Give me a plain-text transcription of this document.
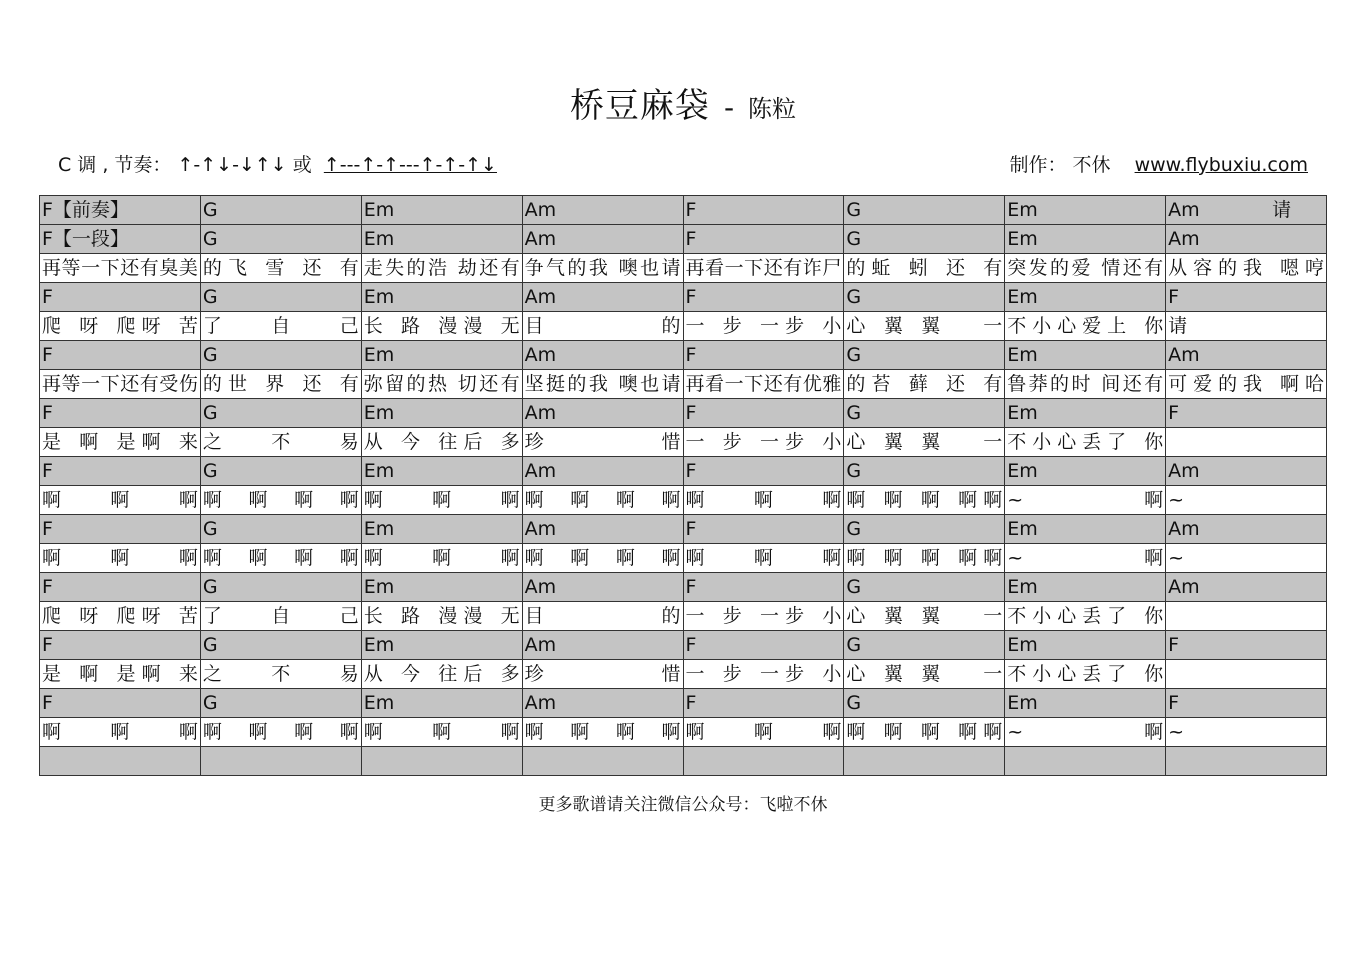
桥豆麻袋 - 陈粒
C 调 , 节奏： ↑-↑↓-↓↑↓ 或 ↑---↑-↑---↑-↑-↑↓	制作： 不休 www.flybuxiu.com
F【前奏】	G	Em	Am	F	G	Em	Am            请
F【一段】	G	Em	Am	F	G	Em	Am
再等一下还有臭美	的飞 雪 还 有	走失的浩 劫还有	争气的我 噢也请	再看一下还有诈尸	的蚯 蚓 还 有	突发的爱 情还有	从容的我 嗯哼
F	G	Em	Am	F	G	Em	F
爬 呀 爬呀 苦	了自己	长 路 漫漫 无	目 的	一 步 一步 小	心翼翼 一	不小心爱上 你	请
F	G	Em	Am	F	G	Em	Am
再等一下还有受伤	的世 界 还 有	弥留的热 切还有	坚挺的我 噢也请	再看一下还有优雅	的苔 藓 还 有	鲁莽的时 间还有	可爱的我 啊哈
F	G	Em	Am	F	G	Em	F
是 啊 是啊 来	之不易	从 今 往后 多	珍 惜	一 步 一步 小	心翼翼 一	不小心丢了 你	
F	G	Em	Am	F	G	Em	Am
啊 啊 啊	啊 啊 啊 啊	啊 啊 啊	啊 啊 啊 啊	啊 啊 啊	啊 啊 啊 啊啊	~ 啊	~
F	G	Em	Am	F	G	Em	Am
啊 啊 啊	啊 啊 啊 啊	啊 啊 啊	啊 啊 啊 啊	啊 啊 啊	啊 啊 啊 啊啊	~ 啊	~
F	G	Em	Am	F	G	Em	Am
爬 呀 爬呀 苦	了自己	长 路 漫漫 无	目 的	一 步 一步 小	心翼翼 一	不小心丢了 你	
F	G	Em	Am	F	G	Em	F
是 啊 是啊 来	之不易	从 今 往后 多	珍 惜	一 步 一步 小	心翼翼 一	不小心丢了 你	
F	G	Em	Am	F	G	Em	F
啊 啊 啊	啊 啊 啊 啊	啊 啊 啊	啊 啊 啊 啊	啊 啊 啊	啊 啊 啊 啊啊	~ 啊	~

更多歌谱请关注微信公众号：飞啦不休
